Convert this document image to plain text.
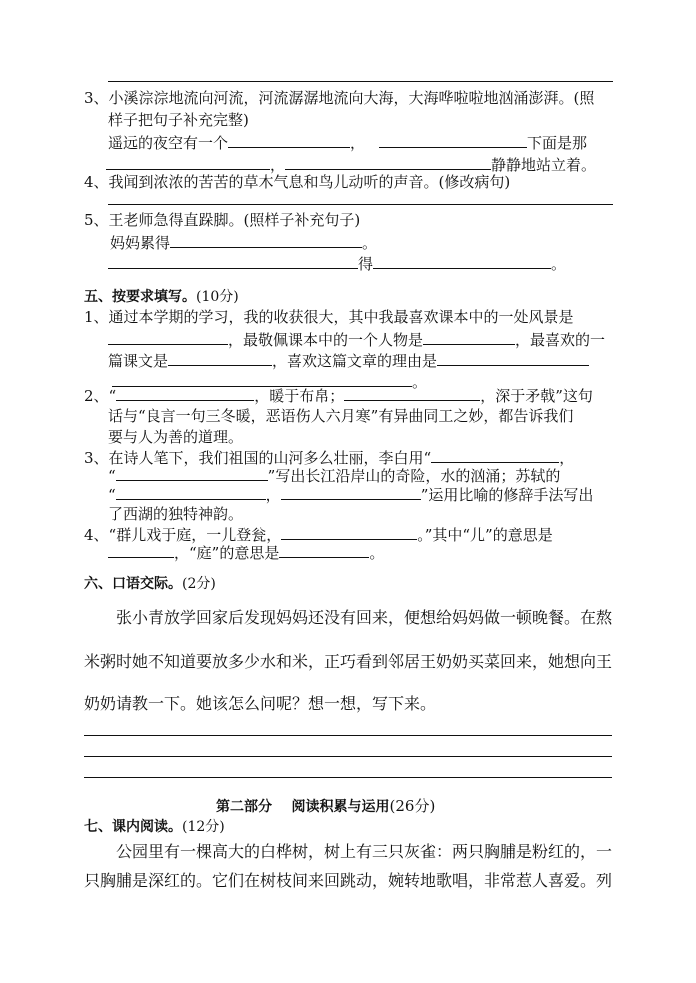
3、小溪淙淙地流向河流，河流潺潺地流向大海，大海哗啦啦地汹涌澎湃。(照
样子把句子补充完整)
遥远的夜空有一个	，	下面是那
，	静静地站立着。
4、我闻到浓浓的苦苦的草木气息和鸟儿动听的声音。(修改病句)
5、王老师急得直跺脚。(照样子补充句子)
妈妈累得	。
得	。
五、按要求填写。(10分)
1、通过本学期的学习，我的收获很大，其中我最喜欢课本中的一处风景是
，最敬佩课本中的一个人物是	，最喜欢的一
篇课文是	，喜欢这篇文章的理由是
。
2、“	，暖于布帛；	，深于矛戟”这句
话与“良言一句三冬暖，恶语伤人六月寒”有异曲同工之妙，都告诉我们
要与人为善的道理。
3、在诗人笔下，我们祖国的山河多么壮丽，李白用“	，
“	”写出长江沿岸山的奇险，水的汹涌；苏轼的
“	，	”运用比喻的修辞手法写出
了西湖的独特神韵。
4、“群儿戏于庭，一儿登瓮，	。”其中“儿”的意思是
，“庭”的意思是	。
六、口语交际。(2分)
张小青放学回家后发现妈妈还没有回来，便想给妈妈做一顿晚餐。在熬
米粥时她不知道要放多少水和米，正巧看到邻居王奶奶买菜回来，她想向王
奶奶请教一下。她该怎么问呢？想一想，写下来。
第二部分    阅读积累与运用(26分)
七、课内阅读。(12分)
公园里有一棵高大的白桦树，树上有三只灰雀：两只胸脯是粉红的，一
只胸脯是深红的。它们在树枝间来回跳动，婉转地歌唱，非常惹人喜爱。列
